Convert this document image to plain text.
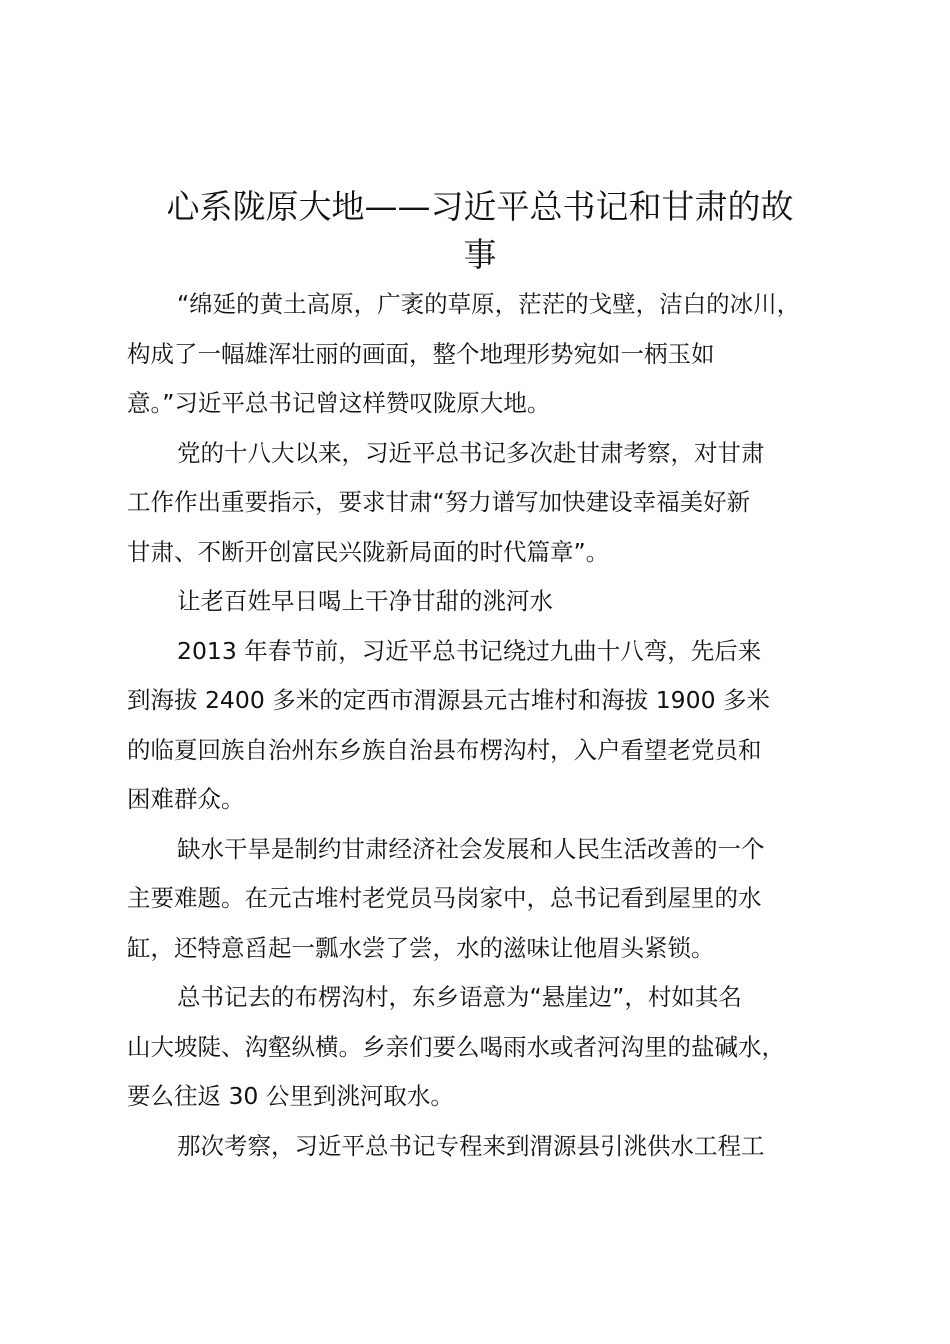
心系陇原大地——习近平总书记和甘肃的故
事

“绵延的黄土高原，广袤的草原，茫茫的戈壁，洁白的冰川，
构成了一幅雄浑壮丽的画面，整个地理形势宛如一柄玉如
意。”习近平总书记曾这样赞叹陇原大地。

党的十八大以来，习近平总书记多次赴甘肃考察，对甘肃
工作作出重要指示，要求甘肃“努力谱写加快建设幸福美好新
甘肃、不断开创富民兴陇新局面的时代篇章”。

让老百姓早日喝上干净甘甜的洮河水

2013 年春节前，习近平总书记绕过九曲十八弯，先后来
到海拔 2400 多米的定西市渭源县元古堆村和海拔 1900 多米
的临夏回族自治州东乡族自治县布楞沟村，入户看望老党员和
困难群众。

缺水干旱是制约甘肃经济社会发展和人民生活改善的一个
主要难题。在元古堆村老党员马岗家中，总书记看到屋里的水
缸，还特意舀起一瓢水尝了尝，水的滋味让他眉头紧锁。

总书记去的布楞沟村，东乡语意为“悬崖边”，村如其名
山大坡陡、沟壑纵横。乡亲们要么喝雨水或者河沟里的盐碱水，
要么往返 30 公里到洮河取水。

那次考察，习近平总书记专程来到渭源县引洮供水工程工
